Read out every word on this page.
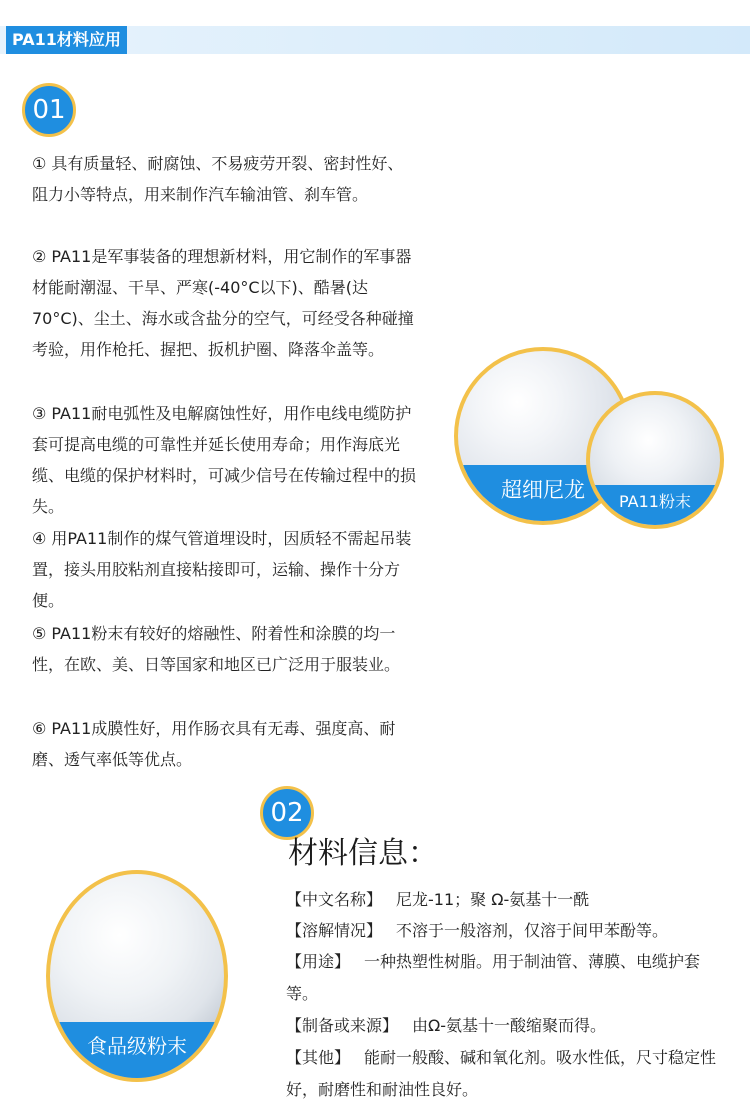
PA11材料应用
01

① 具有质量轻、耐腐蚀、不易疲劳开裂、密封性好、阻力小等特点，用来制作汽车输油管、刹车管。

② PA11是军事装备的理想新材料，用它制作的军事器材能耐潮湿、干旱、严寒(-40°C以下)、酷暑(达70°C)、尘土、海水或含盐分的空气，可经受各种碰撞考验，用作枪托、握把、扳机护圈、降落伞盖等。

③ PA11耐电弧性及电解腐蚀性好，用作电线电缆防护套可提高电缆的可靠性并延长使用寿命；用作海底光缆、电缆的保护材料时，可减少信号在传输过程中的损失。

④ 用PA11制作的煤气管道埋设时，因质轻不需起吊装置，接头用胶粘剂直接粘接即可，运输、操作十分方便。

⑤ PA11粉末有较好的熔融性、附着性和涂膜的均一性，在欧、美、日等国家和地区已广泛用于服装业。

⑥ PA11成膜性好，用作肠衣具有无毒、强度高、耐磨、透气率低等优点。

超细尼龙	PA11粉末
02
材料信息：
食品级粉末

【中文名称】 尼龙-11；聚 Ω-氨基十一酰

【溶解情况】 不溶于一般溶剂，仅溶于间甲苯酚等。

【用途】 一种热塑性树脂。用于制油管、薄膜、电缆护套等。

【制备或来源】 由Ω-氨基十一酸缩聚而得。

【其他】 能耐一般酸、碱和氧化剂。吸水性低，尺寸稳定性好，耐磨性和耐油性良好。
